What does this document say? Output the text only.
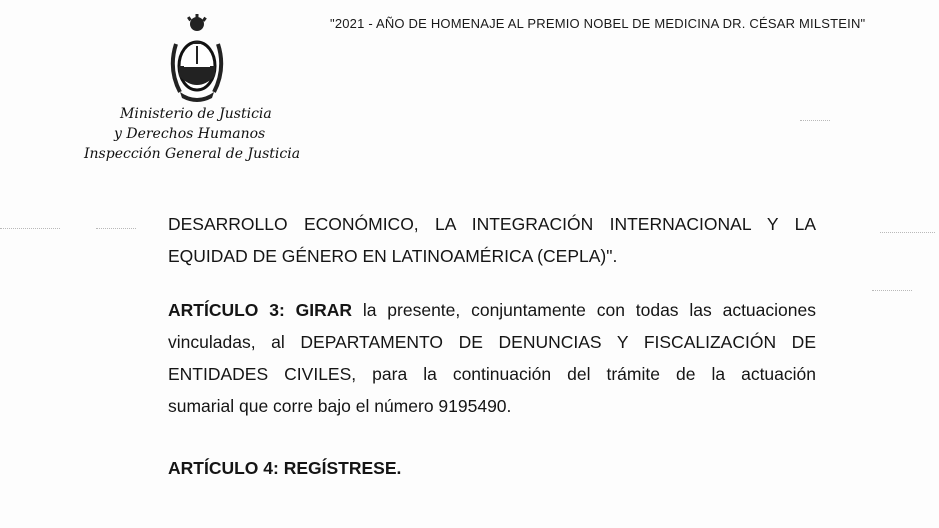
"2021 - AÑO DE HOMENAJE AL PREMIO NOBEL DE MEDICINA DR. CÉSAR MILSTEIN"
Ministerio de Justicia
y Derechos Humanos
Inspección General de Justicia
DESARROLLO ECONÓMICO, LA INTEGRACIÓN INTERNACIONAL Y LA
EQUIDAD DE GÉNERO EN LATINOAMÉRICA (CEPLA)".
ARTÍCULO 3: GIRAR la presente, conjuntamente con todas las actuaciones
vinculadas, al DEPARTAMENTO DE DENUNCIAS Y FISCALIZACIÓN DE
ENTIDADES CIVILES, para la continuación del trámite de la actuación
sumarial que corre bajo el número 9195490.
ARTÍCULO 4: REGÍSTRESE.
